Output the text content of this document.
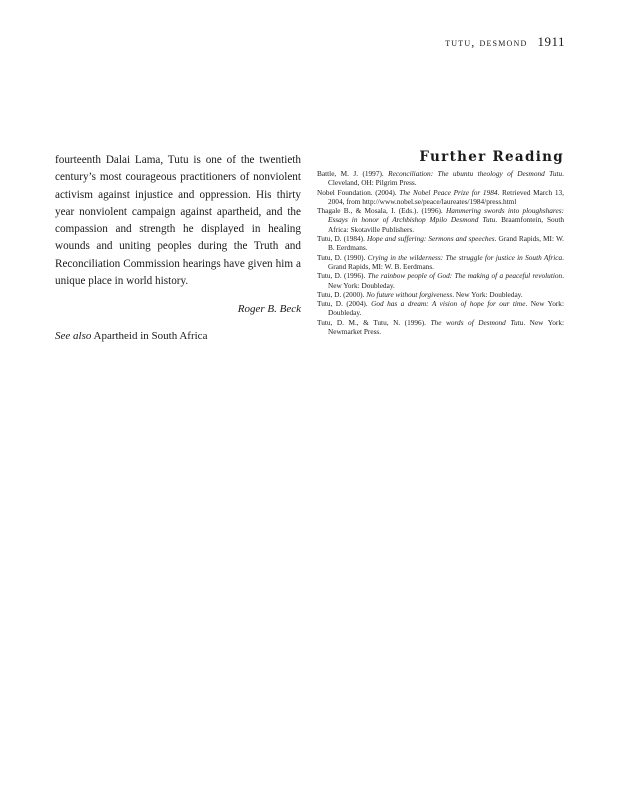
tutu, desmond 1911

fourteenth Dalai Lama, Tutu is one of the twentieth century’s most courageous practitioners of nonviolent activism against injustice and oppression. His thirty year nonviolent campaign against apartheid, and the compassion and strength he displayed in healing wounds and uniting peoples during the Truth and Reconciliation Commission hearings have given him a unique place in world history.

Roger B. Beck
See also Apartheid in South Africa
Further Reading
Battle, M. J. (1997). Reconciliation: The ubuntu theology of Desmond Tutu. Cleveland, OH: Pilgrim Press.
Nobel Foundation. (2004). The Nobel Peace Prize for 1984. Retrieved March 13, 2004, from http://www.nobel.se/peace/laureates/1984/press.html
Thagale B., & Mosala, I. (Eds.). (1996). Hammering swords into ploughshares: Essays in honor of Archbishop Mpilo Desmond Tutu. Braamfontein, South Africa: Skotaville Publishers.
Tutu, D. (1984). Hope and suffering: Sermons and speeches. Grand Rapids, MI: W. B. Eerdmans.
Tutu, D. (1990). Crying in the wilderness: The struggle for justice in South Africa. Grand Rapids, MI: W. B. Eerdmans.
Tutu, D. (1996). The rainbow people of God: The making of a peaceful revolution. New York: Doubleday.
Tutu, D. (2000). No future without forgiveness. New York: Doubleday.
Tutu, D. (2004). God has a dream: A vision of hope for our time. New York: Doubleday.
Tutu, D. M., & Tutu, N. (1996). The words of Desmond Tutu. New York: Newmarket Press.
